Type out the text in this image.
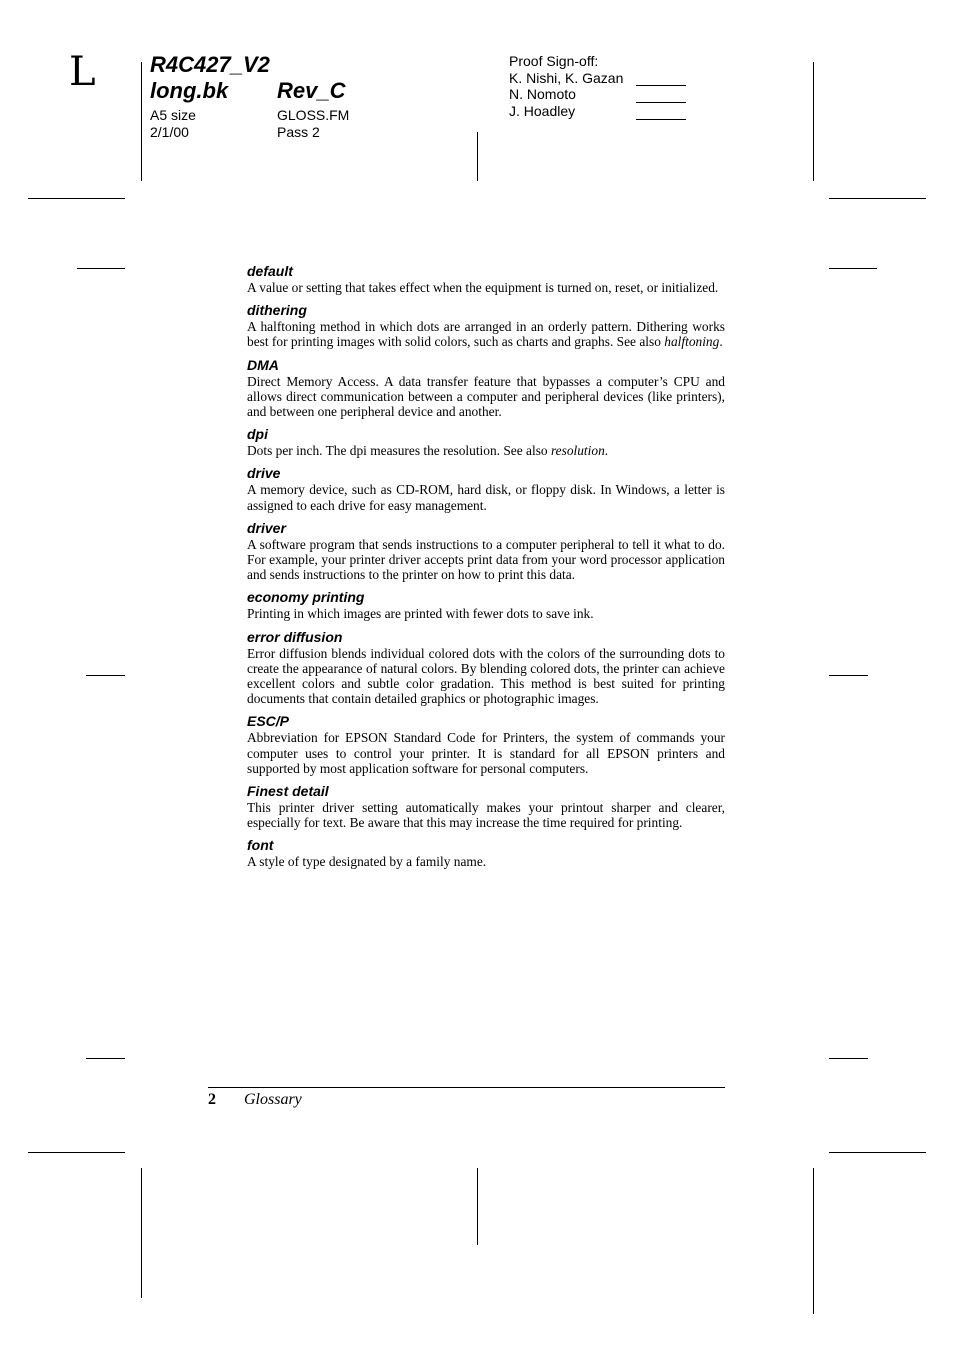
L R4C427_V2
long.bk Rev_C
A5 size
2/1/00
GLOSS.FM
Pass 2
Proof Sign-off:
K. Nishi, K. Gazan
N. Nomoto
J. Hoadley
default
A value or setting that takes effect when the equipment is turned on, reset, or initialized.
dithering
A halftoning method in which dots are arranged in an orderly pattern. Dithering works best for printing images with solid colors, such as charts and graphs. See also halftoning.
DMA
Direct Memory Access. A data transfer feature that bypasses a computer’s CPU and allows direct communication between a computer and peripheral devices (like printers), and between one peripheral device and another.
dpi
Dots per inch. The dpi measures the resolution. See also resolution.
drive
A memory device, such as CD-ROM, hard disk, or floppy disk. In Windows, a letter is assigned to each drive for easy management.
driver
A software program that sends instructions to a computer peripheral to tell it what to do. For example, your printer driver accepts print data from your word processor application and sends instructions to the printer on how to print this data.
economy printing
Printing in which images are printed with fewer dots to save ink.
error diffusion
Error diffusion blends individual colored dots with the colors of the surrounding dots to create the appearance of natural colors. By blending colored dots, the printer can achieve excellent colors and subtle color gradation. This method is best suited for printing documents that contain detailed graphics or photographic images.
ESC/P
Abbreviation for EPSON Standard Code for Printers, the system of commands your computer uses to control your printer. It is standard for all EPSON printers and supported by most application software for personal computers.
Finest detail
This printer driver setting automatically makes your printout sharper and clearer, especially for text. Be aware that this may increase the time required for printing.
font
A style of type designated by a family name.
2 Glossary
